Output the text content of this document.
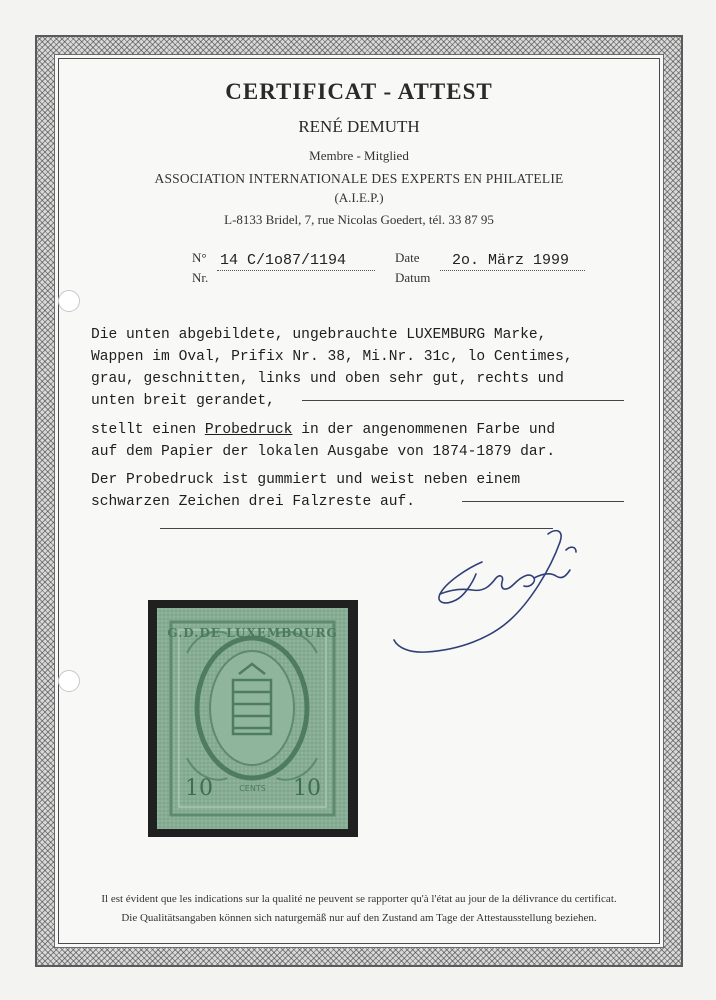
CERTIFICAT - ATTEST
RENÉ DEMUTH
Membre - Mitglied
ASSOCIATION INTERNATIONALE DES EXPERTS EN PHILATELIE
(A.I.E.P.)
L-8133 Bridel, 7, rue Nicolas Goedert, tél. 33 87 95
N°
Nr.
14 C/1o87/1194	Date
Datum
2o. März 1999
Die unten abgebildete, ungebrauchte LUXEMBURG Marke,
Wappen im Oval, Prifix Nr. 38, Mi.Nr. 31c, lo Centimes,
grau, geschnitten, links und oben sehr gut, rechts und
unten breit gerandet,
stellt einen Probedruck in der angenommenen Farbe und
auf dem Papier der lokalen Ausgabe von 1874-1879 dar.
Der Probedruck ist gummiert und weist neben einem
schwarzen Zeichen drei Falzreste auf.
G.D.DE LUXEMBOURG
10	10
CENTS
Il est évident que les indications sur la qualité ne peuvent se rapporter qu'à l'état au jour de la délivrance du certificat.
Die Qualitätsangaben können sich naturgemäß nur auf den Zustand am Tage der Attestausstellung beziehen.
